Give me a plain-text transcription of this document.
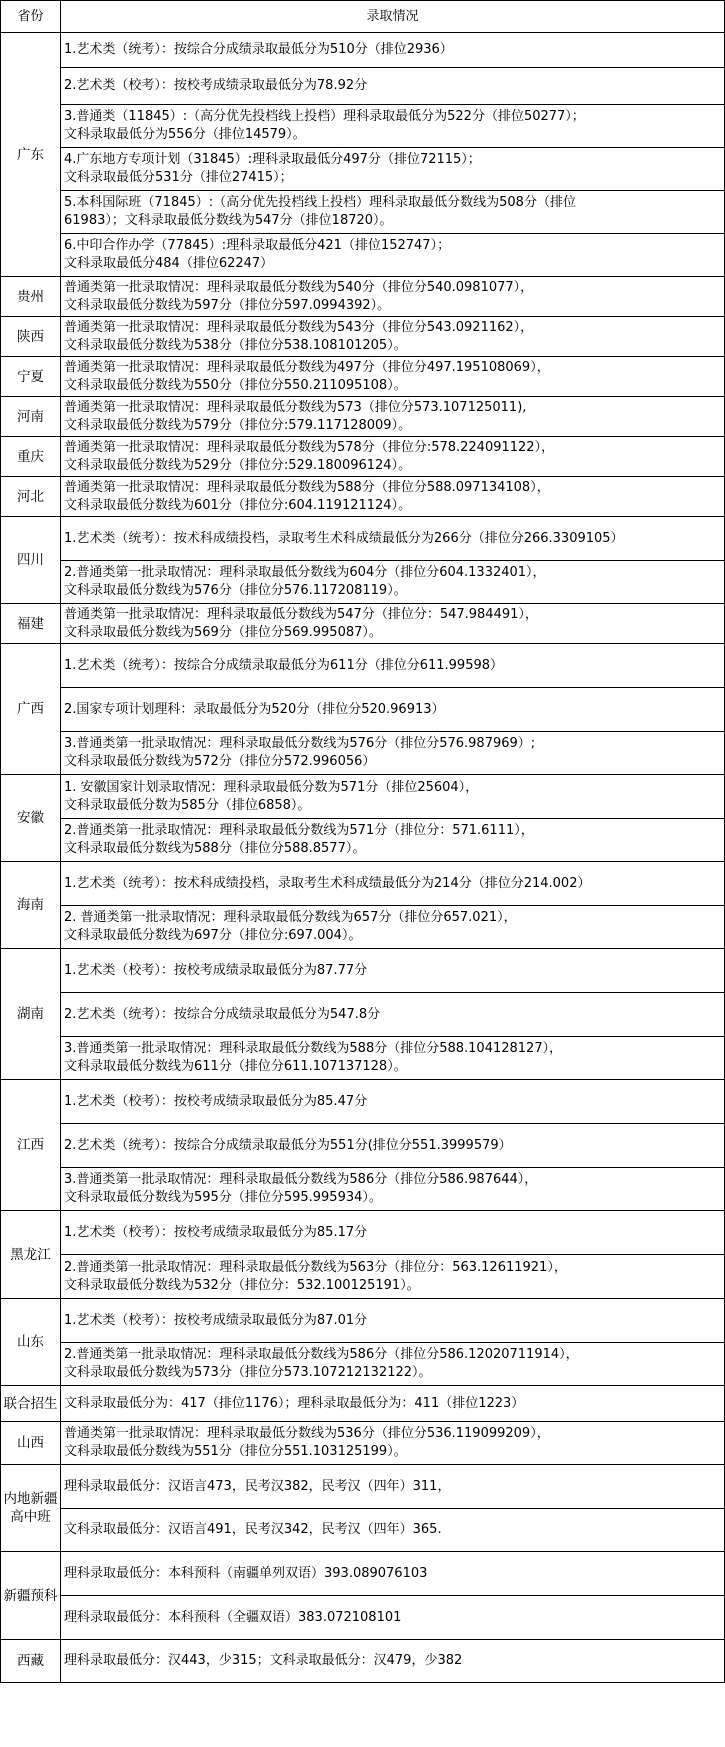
省份	录取情况
广东	1.艺术类（统考）：按综合分成绩录取最低分为510分（排位2936）

	2.艺术类（校考）：按校考成绩录取最低分为78.92分

	3.普通类（11845）:（高分优先投档线上投档）理科录取最低分为522分（排位50277）；
文科录取最低分为556分（排位14579）。

	4.广东地方专项计划（31845）:理科录取最低分497分（排位72115）；
文科录取最低分531分（排位27415）；

	5.本科国际班（71845）:（高分优先投档线上投档）理科录取最低分数线为508分（排位
61983）；文科录取最低分数线为547分（排位18720）。

	6.中印合作办学（77845）:理科录取最低分421（排位152747）；
文科录取最低分484（排位62247）

贵州	普通类第一批录取情况：理科录取最低分数线为540分（排位分540.0981077），
文科录取最低分数线为597分（排位分597.0994392）。

陕西	普通类第一批录取情况：理科录取最低分数线为543分（排位分543.0921162），
文科录取最低分数线为538分（排位分538.108101205）。

宁夏	普通类第一批录取情况：理科录取最低分数线为497分（排位分497.195108069），
文科录取最低分数线为550分（排位分550.211095108）。

河南	普通类第一批录取情况：理科录取最低分数线为573（排位分573.107125011),
文科录取最低分数线为579分（排位分:579.117128009）。

重庆	普通类第一批录取情况：理科录取最低分数线为578分（排位分:578.224091122），
文科录取最低分数线为529分（排位分:529.180096124）。

河北	普通类第一批录取情况：理科录取最低分数线为588分（排位分588.097134108），
文科录取最低分数线为601分（排位分:604.119121124）。

四川	1.艺术类（统考）：按术科成绩投档，录取考生术科成绩最低分为266分（排位分266.3309105）

	2.普通类第一批录取情况：理科录取最低分数线为604分（排位分604.1332401），
文科录取最低分数线为576分（排位分576.117208119）。

福建	普通类第一批录取情况：理科录取最低分数线为547分（排位分：547.984491），
文科录取最低分数线为569分（排位分569.995087）。

广西	1.艺术类（统考）：按综合分成绩录取最低分为611分（排位分611.99598）

	2.国家专项计划理科：录取最低分为520分（排位分520.96913）

	3.普通类第一批录取情况：理科录取最低分数线为576分（排位分576.987969）;
文科录取最低分数线为572分（排位分572.996056）

安徽	1. 安徽国家计划录取情况：理科录取最低分数为571分（排位25604），
文科录取最低分数为585分（排位6858）。

	2.普通类第一批录取情况：理科录取最低分数线为571分（排位分：571.6111），
文科录取最低分数线为588分（排位分588.8577）。

海南	1.艺术类（统考）：按术科成绩投档，录取考生术科成绩最低分为214分（排位分214.002）

	2. 普通类第一批录取情况：理科录取最低分数线为657分（排位分657.021），
文科录取最低分数线为697分（排位分:697.004）。

湖南	1.艺术类（校考）：按校考成绩录取最低分为87.77分

	2.艺术类（统考）：按综合分成绩录取最低分为547.8分

	3.普通类第一批录取情况：理科录取最低分数线为588分（排位分588.104128127），
文科录取最低分数线为611分（排位分611.107137128）。

江西	1.艺术类（校考）：按校考成绩录取最低分为85.47分

	2.艺术类（统考）：按综合分成绩录取最低分为551分(排位分551.3999579）

	3.普通类第一批录取情况：理科录取最低分数线为586分（排位分586.987644），
文科录取最低分数线为595分（排位分595.995934）。

黑龙江	1.艺术类（校考）：按校考成绩录取最低分为85.17分

	2.普通类第一批录取情况：理科录取最低分数线为563分（排位分：563.12611921），
文科录取最低分数线为532分（排位分：532.100125191）。

山东	1.艺术类（校考）：按校考成绩录取最低分为87.01分

	2.普通类第一批录取情况：理科录取最低分数线为586分（排位分586.12020711914），
文科录取最低分数线为573分（排位分573.107212132122）。

联合招生	文科录取最低分为：417（排位1176）；理科录取最低分为：411（排位1223）

山西	普通类第一批录取情况：理科录取最低分数线为536分（排位分536.119099209），
文科录取最低分数线为551分（排位分551.103125199）。

内地新疆高中班	理科录取最低分：汉语言473，民考汉382，民考汉（四年）311，

	文科录取最低分：汉语言491，民考汉342，民考汉（四年）365.

新疆预科	理科录取最低分：本科预科（南疆单列双语）393.089076103

	理科录取最低分：本科预科（全疆双语）383.072108101

西藏	理科录取最低分：汉443，少315；文科录取最低分：汉479，少382
